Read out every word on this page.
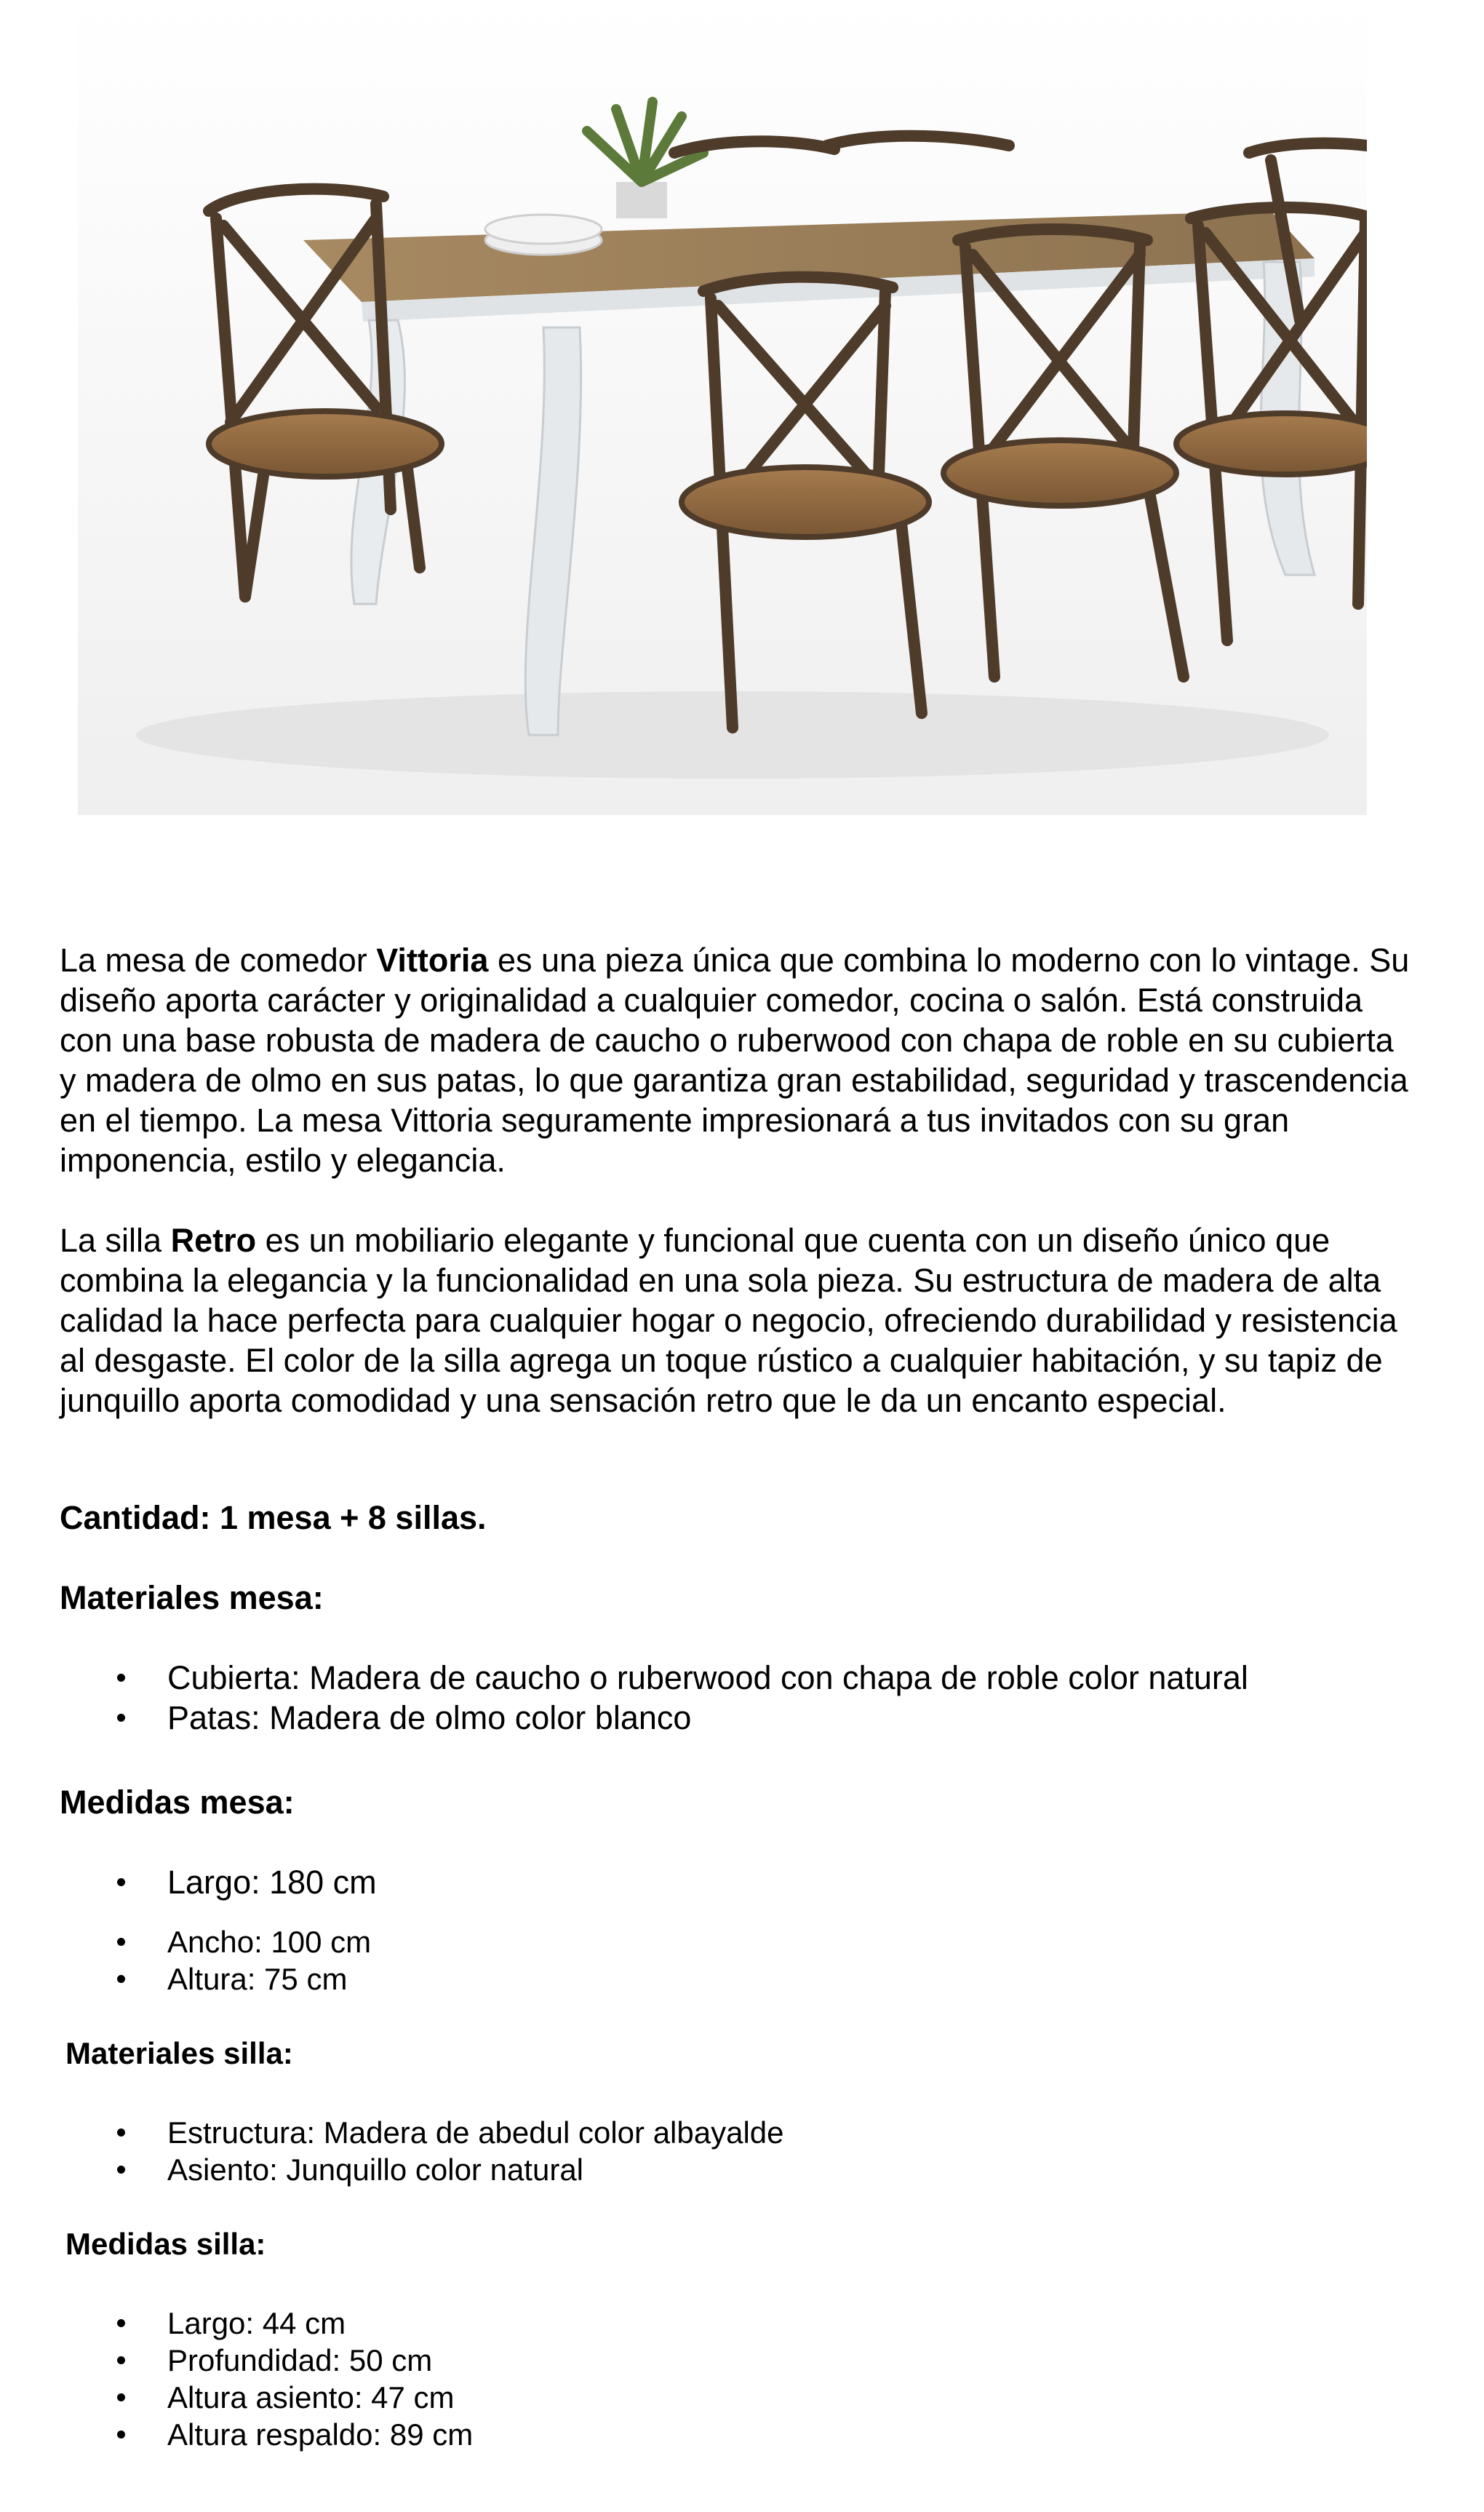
La mesa de comedor Vittoria es una pieza única que combina lo moderno con lo vintage. Su diseño aporta carácter y originalidad a cualquier comedor, cocina o salón. Está construida con una base robusta de madera de caucho o ruberwood con chapa de roble en su cubierta y madera de olmo en sus patas, lo que garantiza gran estabilidad, seguridad y trascendencia en el tiempo. La mesa Vittoria seguramente impresionará a tus invitados con su gran imponencia, estilo y elegancia.

La silla Retro es un mobiliario elegante y funcional que cuenta con un diseño único que combina la elegancia y la funcionalidad en una sola pieza. Su estructura de madera de alta calidad la hace perfecta para cualquier hogar o negocio, ofreciendo durabilidad y resistencia al desgaste. El color de la silla agrega un toque rústico a cualquier habitación, y su tapiz de junquillo aporta comodidad y una sensación retro que le da un encanto especial.

Cantidad: 1 mesa + 8 sillas.

Materiales mesa:

Cubierta: Madera de caucho o ruberwood con chapa de roble color natural
Patas: Madera de olmo color blanco

Medidas mesa:

Largo: 180 cm
Ancho: 100 cm
Altura: 75 cm

Materiales silla:

Estructura: Madera de abedul color albayalde
Asiento: Junquillo color natural

Medidas silla:

Largo: 44 cm
Profundidad: 50 cm
Altura asiento: 47 cm
Altura respaldo: 89 cm
